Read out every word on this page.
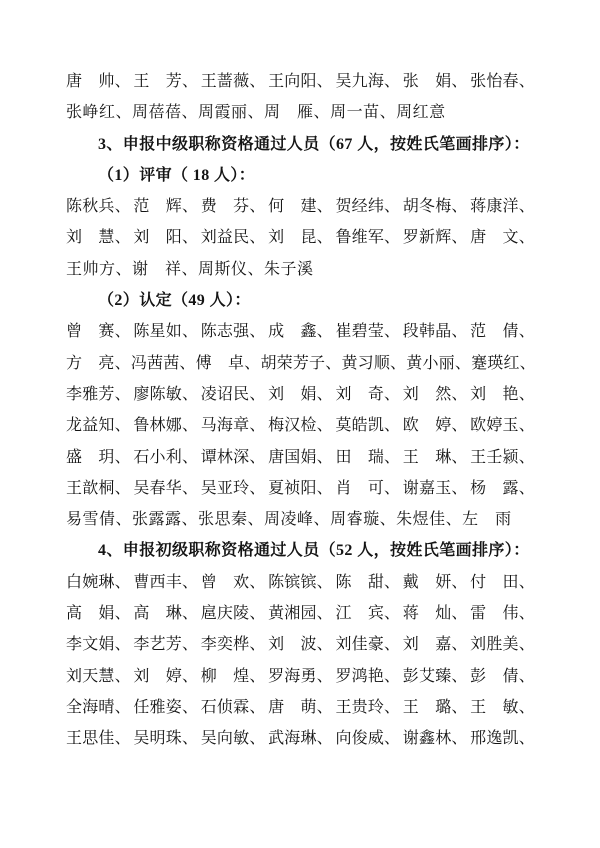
唐　帅、 王　芳、 王蔷薇、 王向阳、 吴九海、 张　娟、 张怡春、
张峥红、周蓓蓓、周霞丽、周　雁、周一苗、周红意
3、申报中级职称资格通过人员（67 人，按姓氏笔画排序）：
（1）评审（ 18 人）：
陈秋兵、 范　辉、 费　芬、 何　建、 贺经纬、 胡冬梅、 蒋康洋、
刘　慧、 刘　阳、 刘益民、 刘　昆、 鲁维军、 罗新辉、 唐　文、
王帅方、谢　祥、周斯仪、朱子溪
（2）认定（49 人）：
曾　赛、 陈星如、 陈志强、 成　鑫、 崔碧莹、 段韩晶、 范　倩、
方　亮、 冯茜茜、 傅　卓、 胡荣芳子、 黄习顺、 黄小丽、 蹇瑛红、
李雅芳、 廖陈敏、 凌诏民、 刘　娟、 刘　奇、 刘　然、 刘　艳、
龙益知、 鲁林娜、 马海章、 梅汉检、 莫皓凯、 欧　婷、 欧婷玉、
盛　玥、 石小利、 谭林深、 唐国娟、 田　瑞、 王　琳、 王壬颍、
王歆桐、 吴春华、 吴亚玲、 夏祯阳、 肖　可、 谢嘉玉、 杨　露、
易雪倩、张露露、张思秦、周凌峰、周睿璇、朱煜佳、左　雨
4、申报初级职称资格通过人员（52 人，按姓氏笔画排序）：
白婉琳、 曹西丰、 曾　欢、 陈镔镔、 陈　甜、 戴　妍、 付　田、
高　娟、 高　琳、 扈庆陵、 黄湘园、 江　宾、 蒋　灿、 雷　伟、
李文娟、 李艺芳、 李奕桦、 刘　波、 刘佳豪、 刘　嘉、 刘胜美、
刘天慧、 刘　婷、 柳　煌、 罗海勇、 罗鸿艳、 彭艾臻、 彭　倩、
全海晴、 任雅姿、 石侦霖、 唐　萌、 王贵玲、 王　璐、 王　敏、
王思佳、 吴明珠、 吴向敏、 武海琳、 向俊威、 谢鑫林、 邢逸凯、
